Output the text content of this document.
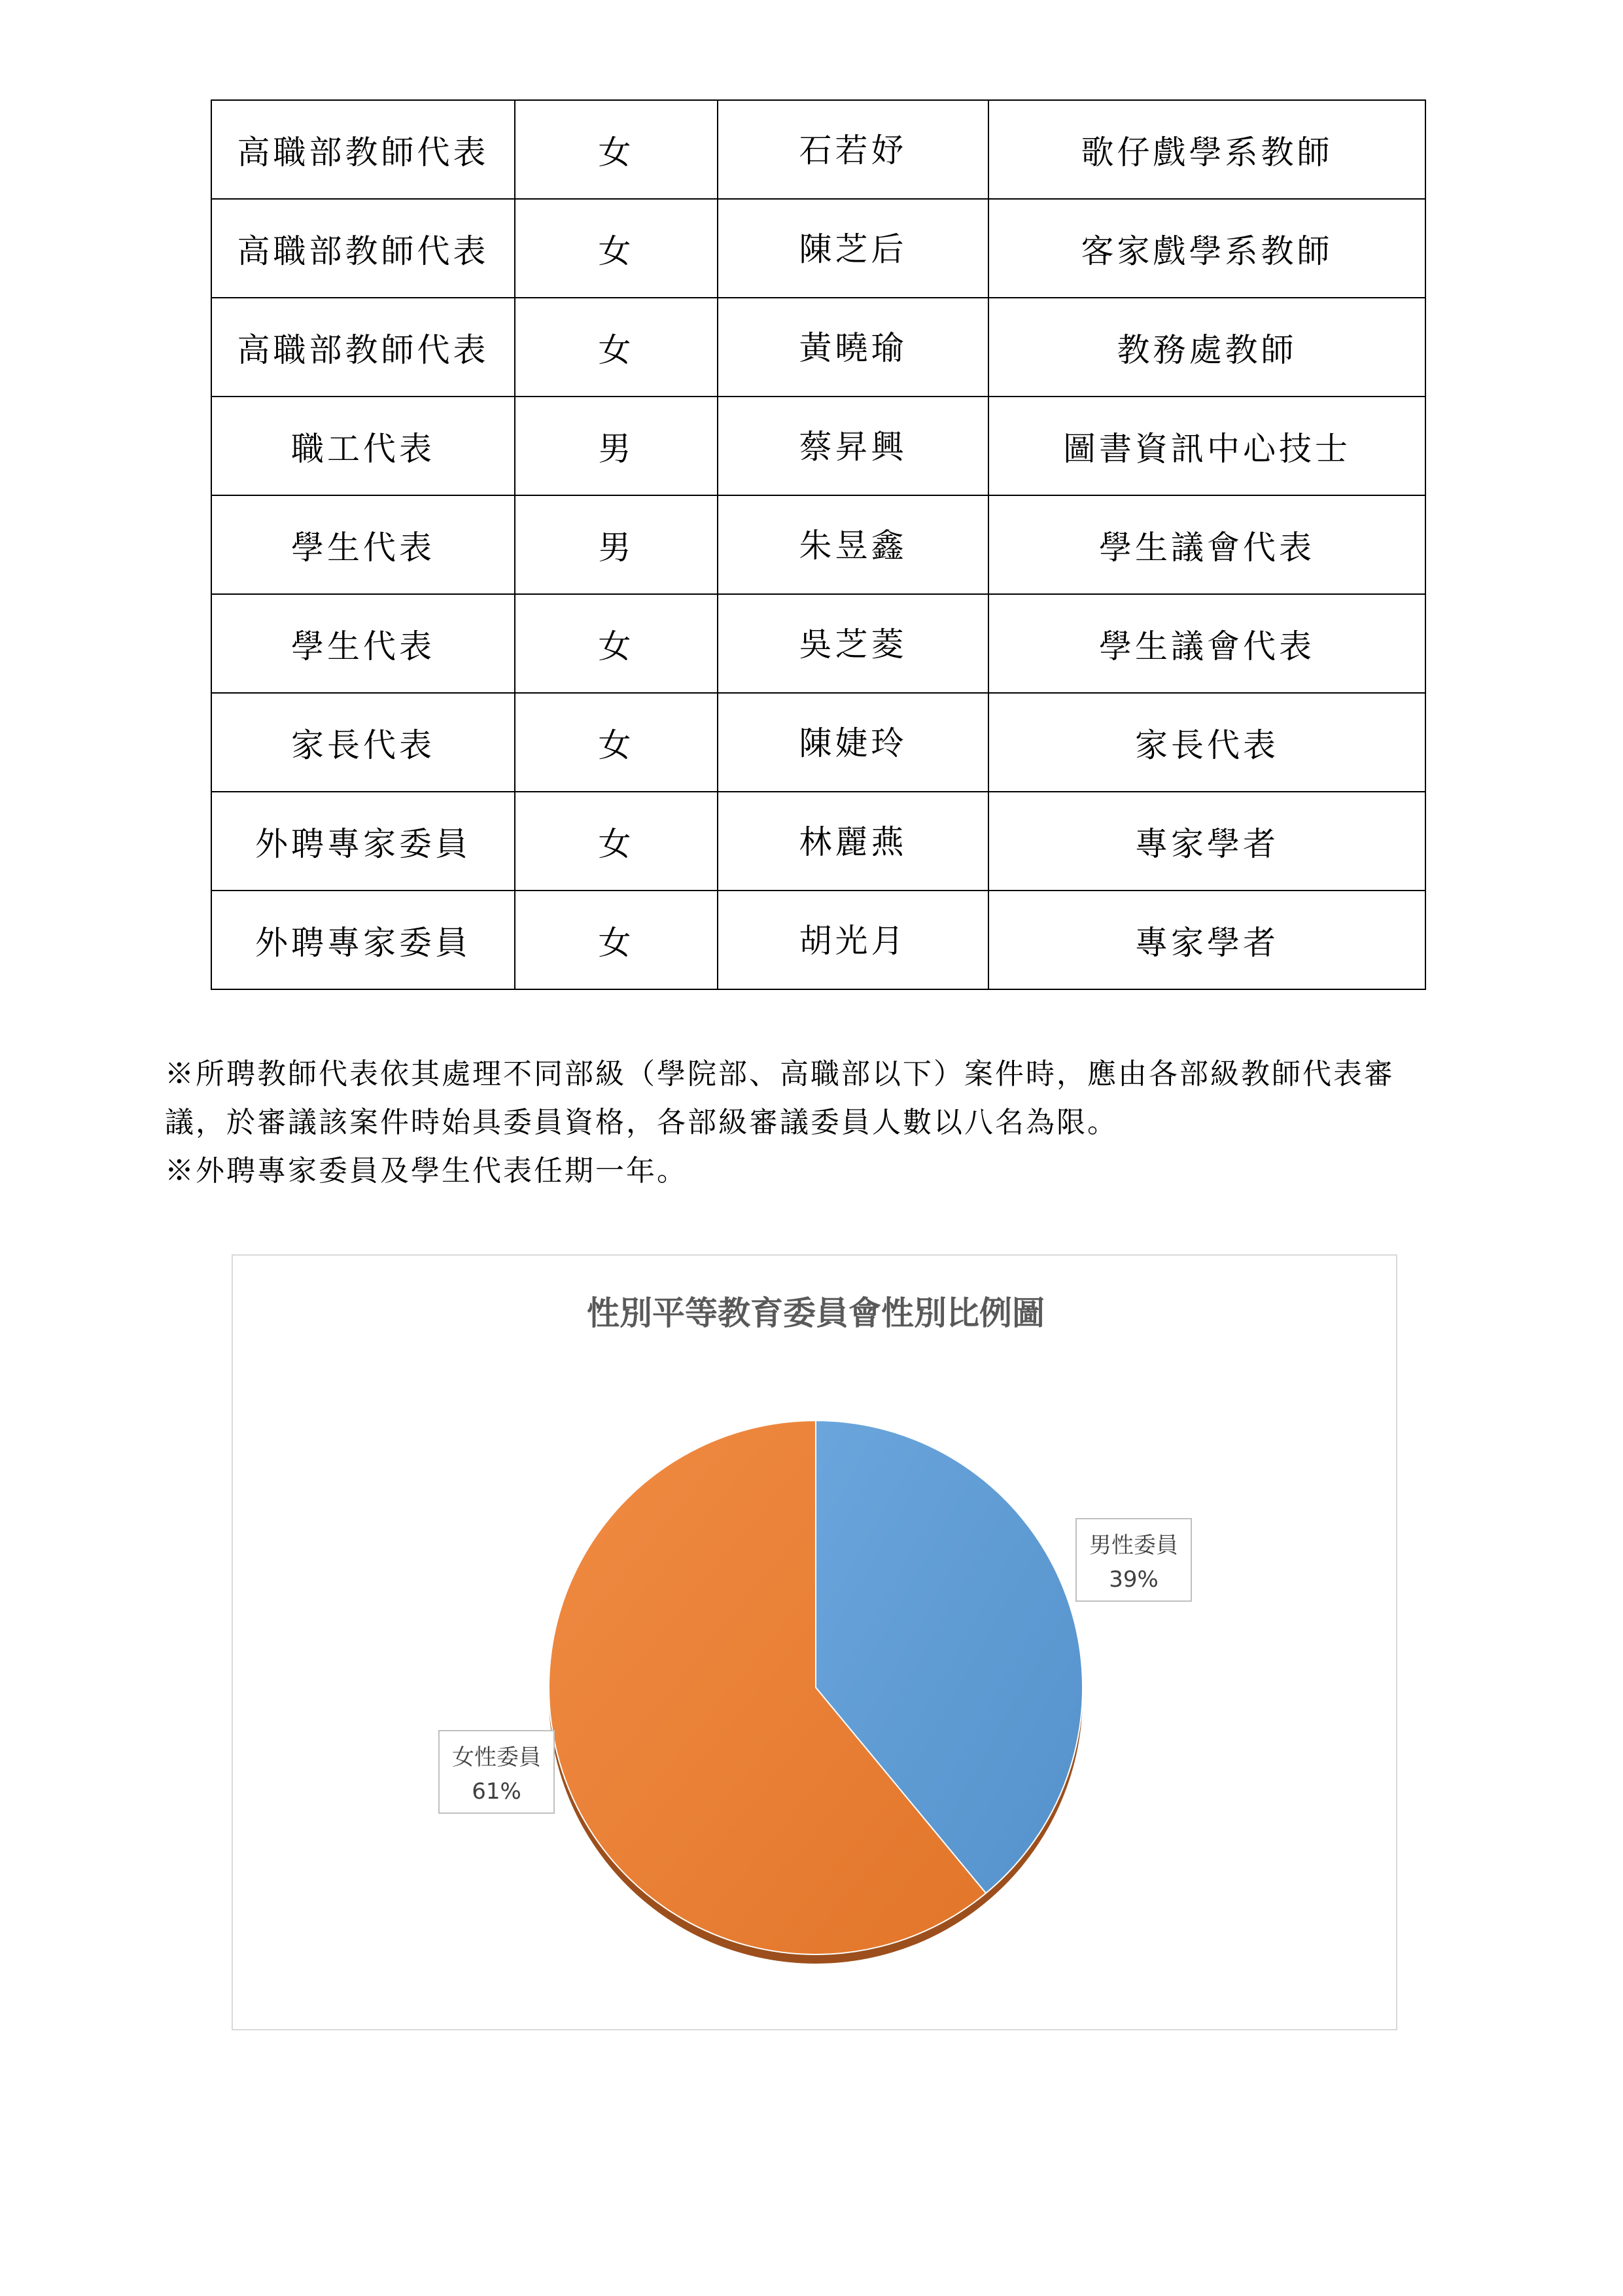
高職部教師代表	女	石若妤	歌仔戲學系教師
高職部教師代表	女	陳芝后	客家戲學系教師
高職部教師代表	女	黃曉瑜	教務處教師
職工代表	男	蔡昇興	圖書資訊中心技士
學生代表	男	朱昱鑫	學生議會代表
學生代表	女	吳芝菱	學生議會代表
家長代表	女	陳婕玲	家長代表
外聘專家委員	女	林麗燕	專家學者
外聘專家委員	女	胡光月	專家學者

※所聘教師代表依其處理不同部級（學院部、高職部以下）案件時，應由各部級教師代表審

議，於審議該案件時始具委員資格，各部級審議委員人數以八名為限。

※外聘專家委員及學生代表任期一年。

性別平等教育委員會性別比例圖
男性委員
39%
女性委員
61%
